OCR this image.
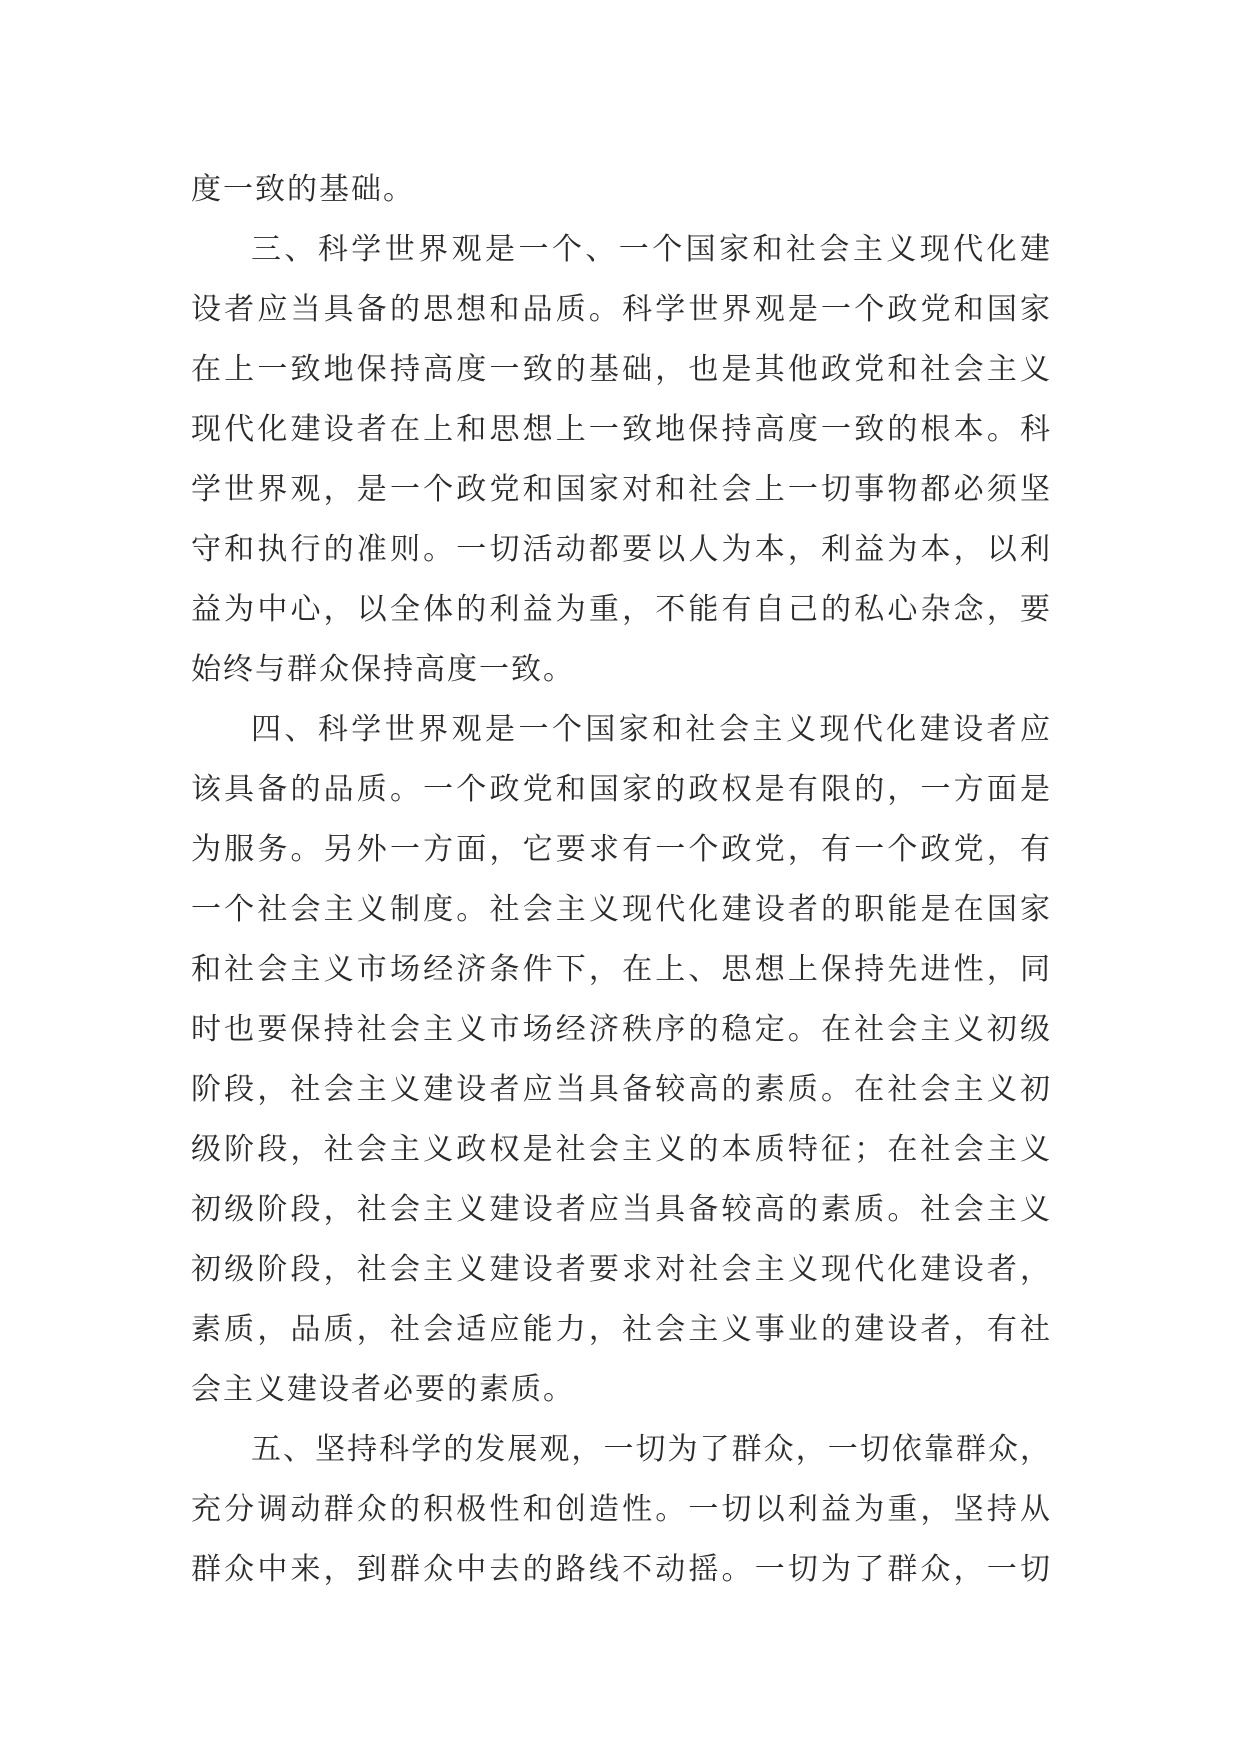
度一致的基础。
三、科学世界观是一个、一个国家和社会主义现代化建
设者应当具备的思想和品质。科学世界观是一个政党和国家
在上一致地保持高度一致的基础，也是其他政党和社会主义
现代化建设者在上和思想上一致地保持高度一致的根本。科
学世界观，是一个政党和国家对和社会上一切事物都必须坚
守和执行的准则。一切活动都要以人为本，利益为本，以利
益为中心，以全体的利益为重，不能有自己的私心杂念，要
始终与群众保持高度一致。
四、科学世界观是一个国家和社会主义现代化建设者应
该具备的品质。一个政党和国家的政权是有限的，一方面是
为服务。另外一方面，它要求有一个政党，有一个政党，有
一个社会主义制度。社会主义现代化建设者的职能是在国家
和社会主义市场经济条件下，在上、思想上保持先进性，同
时也要保持社会主义市场经济秩序的稳定。在社会主义初级
阶段，社会主义建设者应当具备较高的素质。在社会主义初
级阶段，社会主义政权是社会主义的本质特征；在社会主义
初级阶段，社会主义建设者应当具备较高的素质。社会主义
初级阶段，社会主义建设者要求对社会主义现代化建设者，
素质，品质，社会适应能力，社会主义事业的建设者，有社
会主义建设者必要的素质。
五、坚持科学的发展观，一切为了群众，一切依靠群众，
充分调动群众的积极性和创造性。一切以利益为重，坚持从
群众中来，到群众中去的路线不动摇。一切为了群众，一切
